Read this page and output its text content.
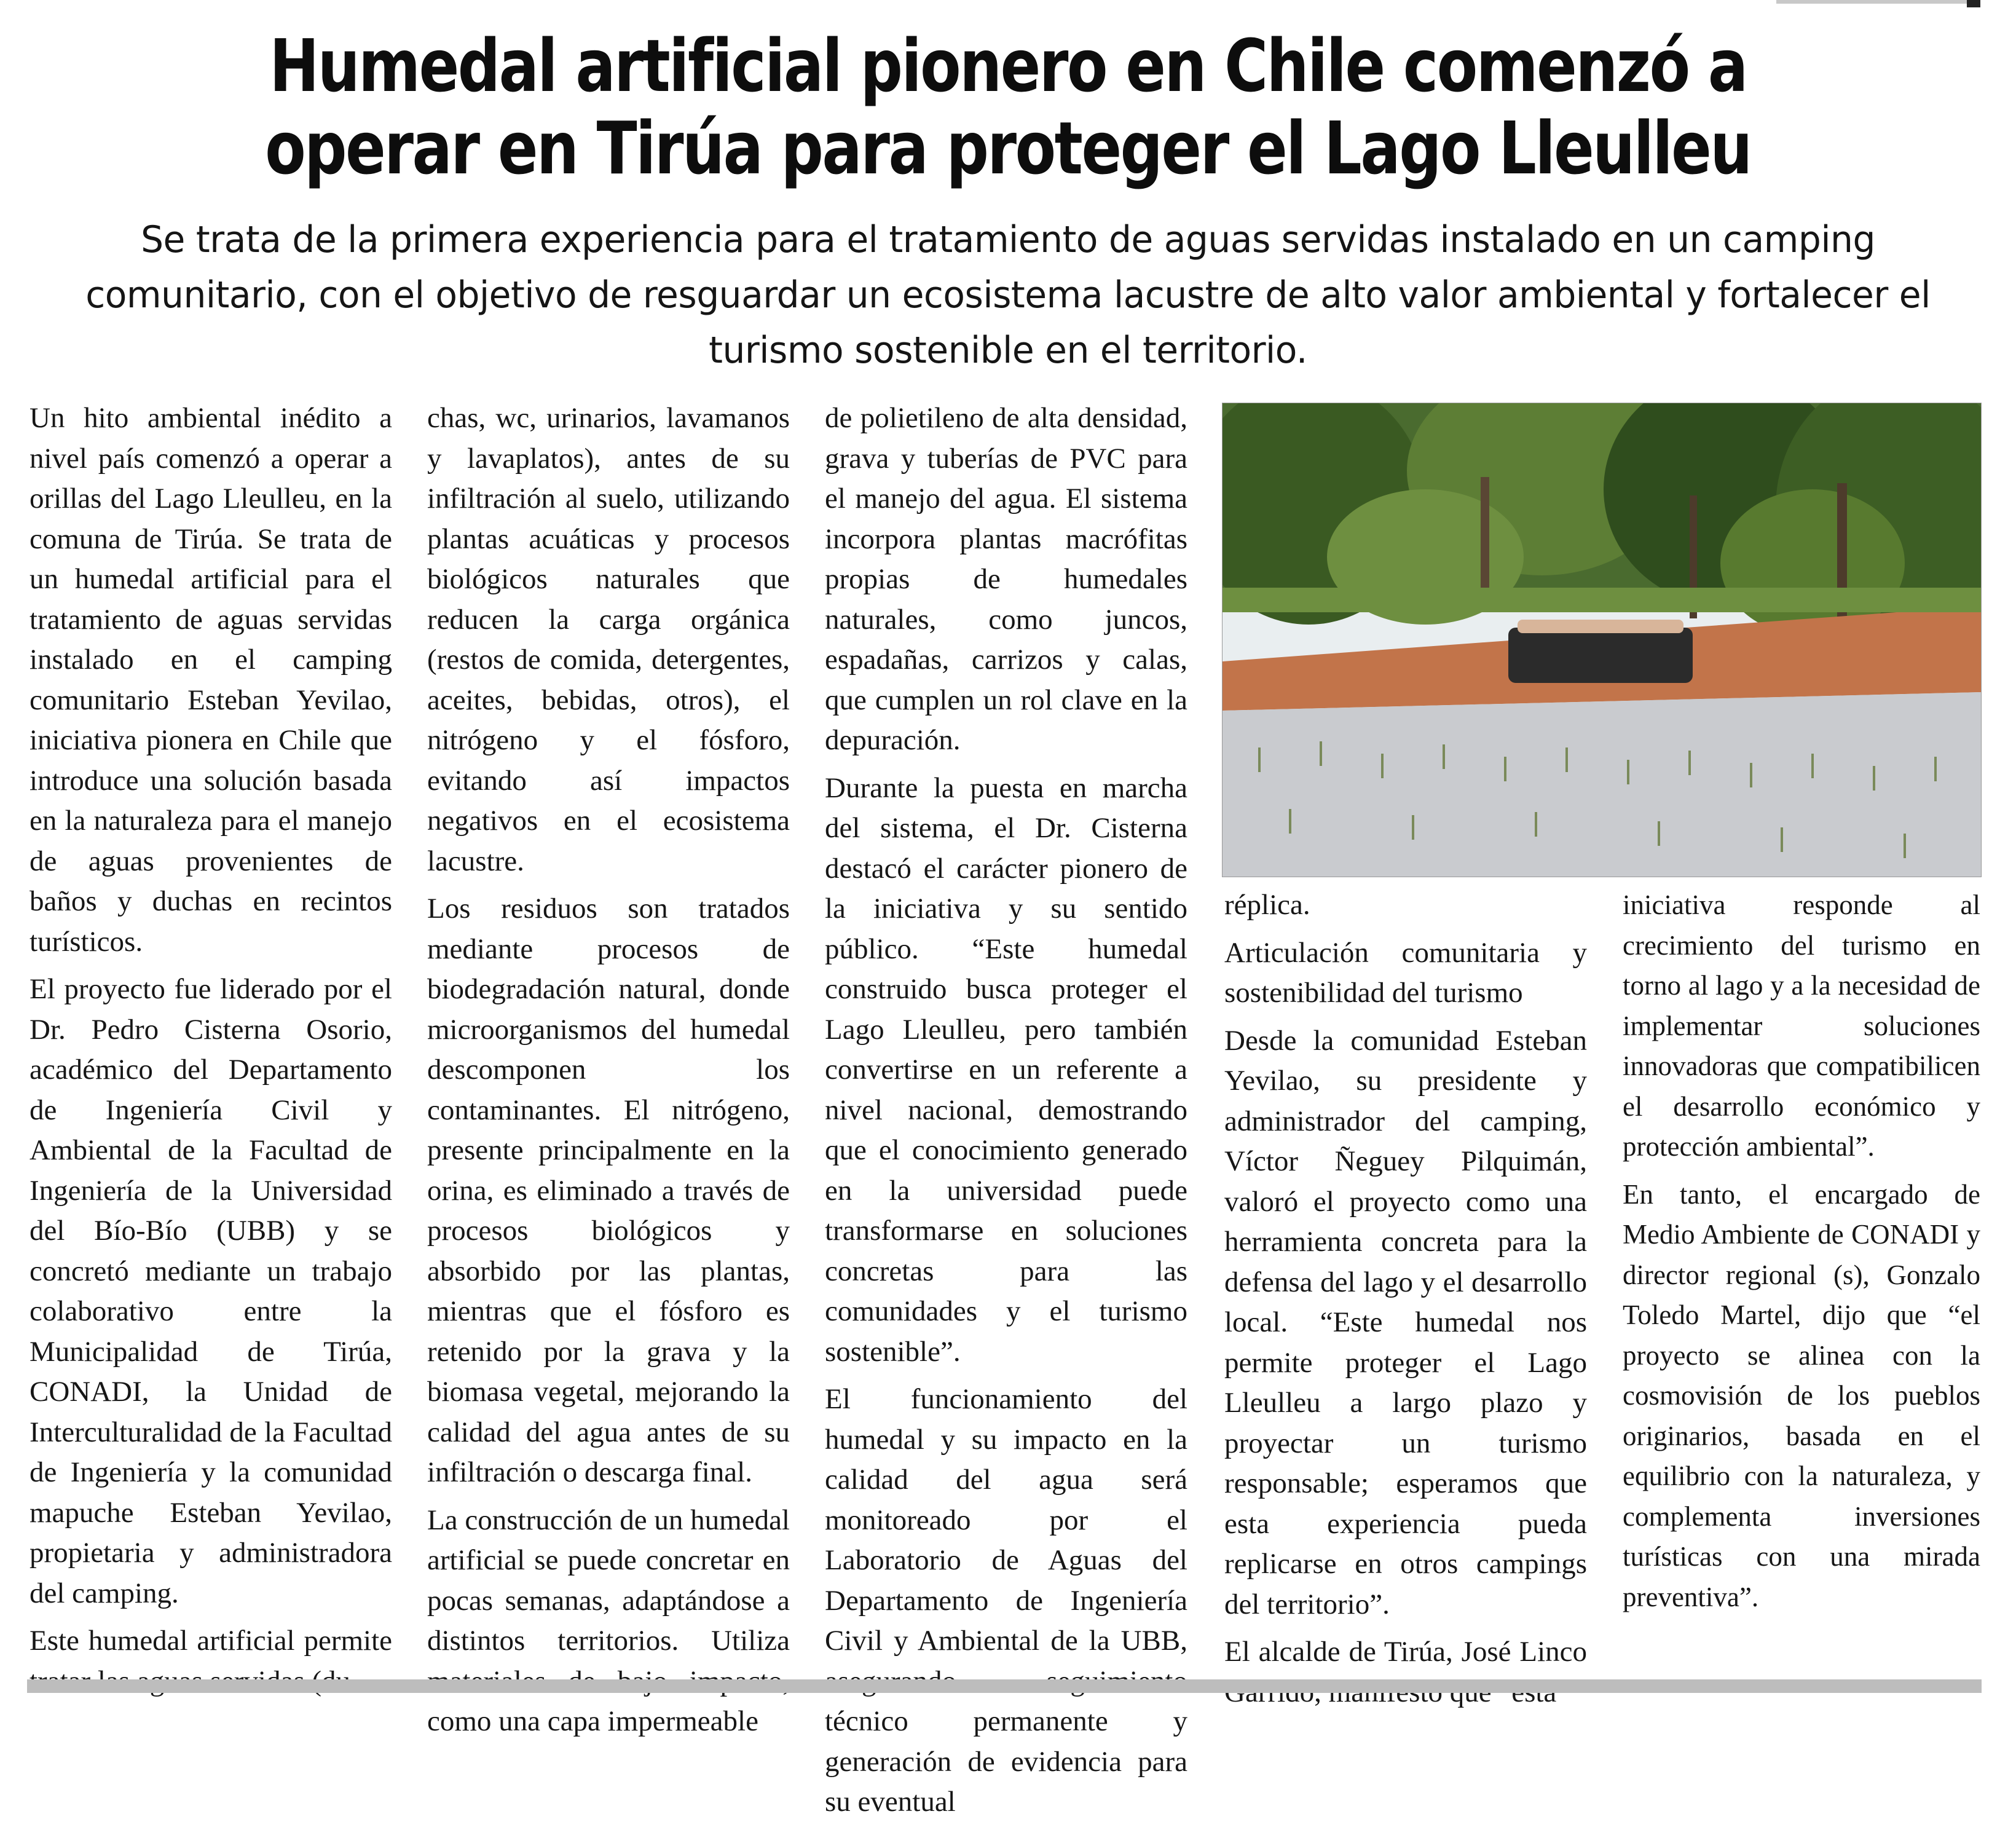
Humedal artificial pionero en Chile comenzó a operar en Tirúa para proteger el Lago Lleulleu

Se trata de la primera experiencia para el tratamiento de aguas servidas instalado en un camping comunitario, con el objetivo de resguardar un ecosistema lacustre de alto valor ambiental y fortalecer el turismo sostenible en el territorio.

Un hito ambiental inédito a nivel país comenzó a operar a orillas del Lago Lleulleu, en la comuna de Tirúa. Se trata de un humedal artificial para el tratamiento de aguas servidas instalado en el camping comunitario Esteban Yevilao, iniciativa pionera en Chile que introduce una solución basada en la naturaleza para el manejo de aguas provenientes de baños y duchas en recintos turísticos.

El proyecto fue liderado por el Dr. Pedro Cisterna Osorio, académico del Departamento de Ingeniería Civil y Ambiental de la Facultad de Ingeniería de la Universidad del Bío-Bío (UBB) y se concretó mediante un trabajo colaborativo entre la Municipalidad de Tirúa, CONADI, la Unidad de Interculturalidad de la Facultad de Ingeniería y la comunidad mapuche Esteban Yevilao, propietaria y administradora del camping.

Este humedal artificial permite

chas, wc, urinarios, lavamanos y lavaplatos), antes de su infiltración al suelo, utilizando plantas acuáticas y procesos biológicos naturales que reducen la carga orgánica (restos de comida, detergentes, aceites, bebidas, otros), el nitrógeno y el fósforo, evitando así impactos negativos en el ecosistema lacustre.

Los residuos son tratados mediante procesos de biodegradación natural, donde microorganismos del humedal descomponen los contaminantes. El nitrógeno, presente principalmente en la orina, es eliminado a través de procesos biológicos y absorbido por las plantas, mientras que el fósforo es retenido por la grava y la biomasa vegetal, mejorando la calidad del agua antes de su infiltración o descarga final.

La construcción de un humedal artificial se puede concretar en pocas semanas, adaptándose a distintos territorios. Utiliza como una capa impermeable

de polietileno de alta densidad, grava y tuberías de PVC para el manejo del agua. El sistema incorpora plantas macrófitas propias de humedales naturales, como juncos, espadañas, carrizos y calas, que cumplen un rol clave en la depuración.

Durante la puesta en marcha del sistema, el Dr. Cisterna destacó el carácter pionero de la iniciativa y su sentido público. “Este humedal construido busca proteger el Lago Lleulleu, pero también convertirse en un referente a nivel nacional, demostrando que el conocimiento generado en la universidad puede transformarse en soluciones concretas para las comunidades y el turismo sostenible”.

El funcionamiento del humedal y su impacto en la calidad del agua será monitoreado por el Laboratorio de Aguas del Departamento de Ingeniería Civil y Ambiental de la UBB, técnico permanente y generación de evidencia para su eventual

réplica.

Articulación comunitaria y sostenibilidad del turismo

Desde la comunidad Esteban Yevilao, su presidente y administrador del camping, Víctor Ñeguey Pilquimán, valoró el proyecto como una herramienta concreta para la defensa del lago y el desarrollo local. “Este humedal nos permite proteger el Lago Lleulleu a largo plazo y proyectar un turismo responsable; esperamos que esta experiencia pueda replicarse en otros campings del territorio”.

El alcalde de Tirúa, José Linco

iniciativa responde al crecimiento del turismo en torno al lago y a la necesidad de implementar soluciones innovadoras que compatibilicen el desarrollo económico y protección ambiental”.

En tanto, el encargado de Medio Ambiente de CONADI y director regional (s), Gonzalo Toledo Martel, dijo que “el proyecto se alinea con la cosmovisión de los pueblos originarios, basada en el equilibrio con la naturaleza, y complementa inversiones turísticas con una mirada preventiva”.
